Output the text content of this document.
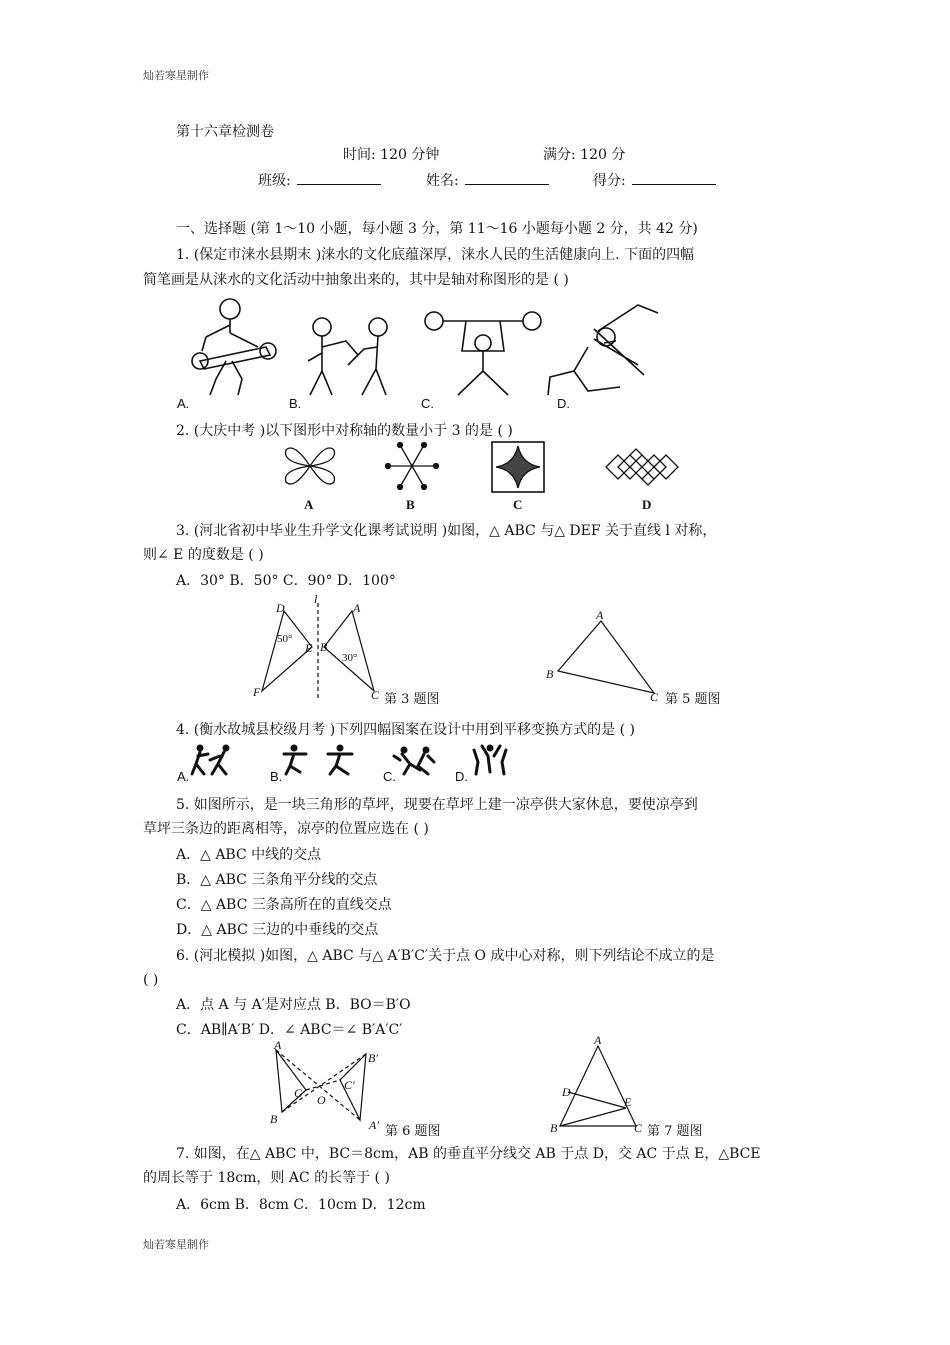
灿若寒星制作
灿若寒星制作
第十六章检测卷
时间: 120 分钟	满分: 120 分
班级:	姓名:	得分:
一、选择题 (第 1～10 小题，每小题 3 分，第 11～16 小题每小题 2 分，共 42 分)
1. (保定市涞水县期末 )涞水的文化底蕴深厚，涞水人民的生活健康向上. 下面的四幅
简笔画是从涞水的文化活动中抽象出来的，其中是轴对称图形的是 ( )
A.	B.	C.	D.
2. (大庆中考 )以下图形中对称轴的数量小于 3 的是 ( )
A	B	C	D
3. (河北省初中毕业生升学文化课考试说明 )如图，△ ABC 与△ DEF 关于直线 l 对称，
则∠ E 的度数是 ( )
A．30° B．50° C．90° D．100°
D
E
F
l
A
B
C
50°
30°
第 3 题图
A
B
C 第 5 题图
4. (衡水故城县校级月考 )下列四幅图案在设计中用到平移变换方式的是 ( )
A.	B.	C.	D.
5. 如图所示，是一块三角形的草坪，现要在草坪上建一凉亭供大家休息，要使凉亭到
草坪三条边的距离相等，凉亭的位置应选在 ( )
A．△ ABC 中线的交点
B．△ ABC 三条角平分线的交点
C．△ ABC 三条高所在的直线交点
D．△ ABC 三边的中垂线的交点
6. (河北模拟 )如图，△ ABC 与△ A′B′C′关于点 O 成中心对称，则下列结论不成立的是
( )
A．点 A 与 A′是对应点 B．BO＝B′O
C．AB∥A′B′ D．∠ ABC＝∠ B′A′C′
A
B
C O
B′
C′
A′ 第 6 题图
A
B	C
D
E
第 7 题图
7. 如图，在△ ABC 中，BC＝8cm，AB 的垂直平分线交 AB 于点 D，交 AC 于点 E，△BCE
的周长等于 18cm，则 AC 的长等于 ( )
A．6cm B．8cm C．10cm D．12cm
